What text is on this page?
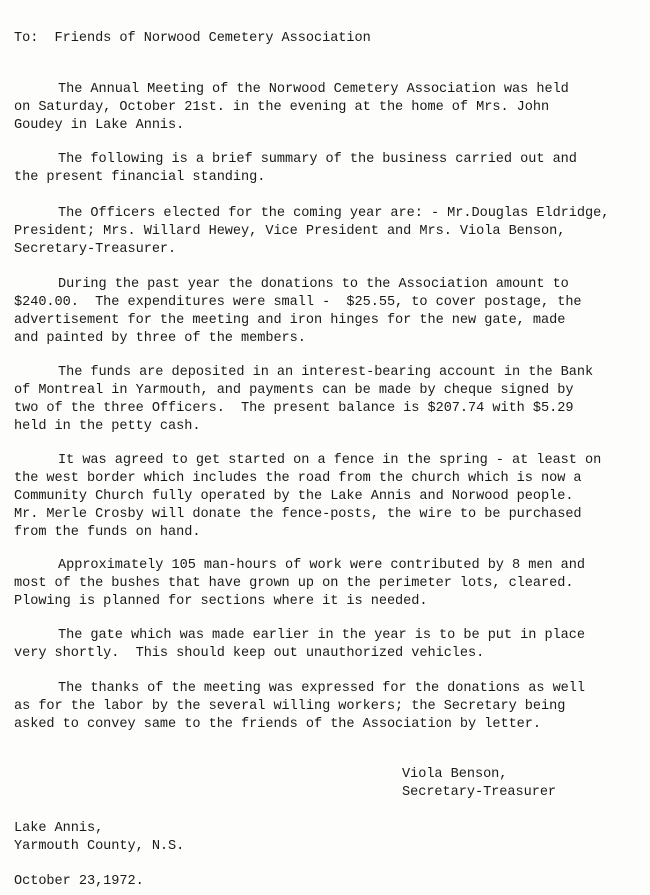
To:  Friends of Norwood Cemetery Association
The Annual Meeting of the Norwood Cemetery Association was held
on Saturday, October 21st. in the evening at the home of Mrs. John
Goudey in Lake Annis.
The following is a brief summary of the business carried out and
the present financial standing.
The Officers elected for the coming year are: - Mr.Douglas Eldridge,
President; Mrs. Willard Hewey, Vice President and Mrs. Viola Benson,
Secretary-Treasurer.
During the past year the donations to the Association amount to
$240.00.  The expenditures were small -  $25.55, to cover postage, the
advertisement for the meeting and iron hinges for the new gate, made
and painted by three of the members.
The funds are deposited in an interest-bearing account in the Bank
of Montreal in Yarmouth, and payments can be made by cheque signed by
two of the three Officers.  The present balance is $207.74 with $5.29
held in the petty cash.
It was agreed to get started on a fence in the spring - at least on
the west border which includes the road from the church which is now a
Community Church fully operated by the Lake Annis and Norwood people.
Mr. Merle Crosby will donate the fence-posts, the wire to be purchased
from the funds on hand.
Approximately 105 man-hours of work were contributed by 8 men and
most of the bushes that have grown up on the perimeter lots, cleared.
Plowing is planned for sections where it is needed.
The gate which was made earlier in the year is to be put in place
very shortly.  This should keep out unauthorized vehicles.
The thanks of the meeting was expressed for the donations as well
as for the labor by the several willing workers; the Secretary being
asked to convey same to the friends of the Association by letter.
Viola Benson,
Secretary-Treasurer
Lake Annis,
Yarmouth County, N.S.
October 23,1972.
